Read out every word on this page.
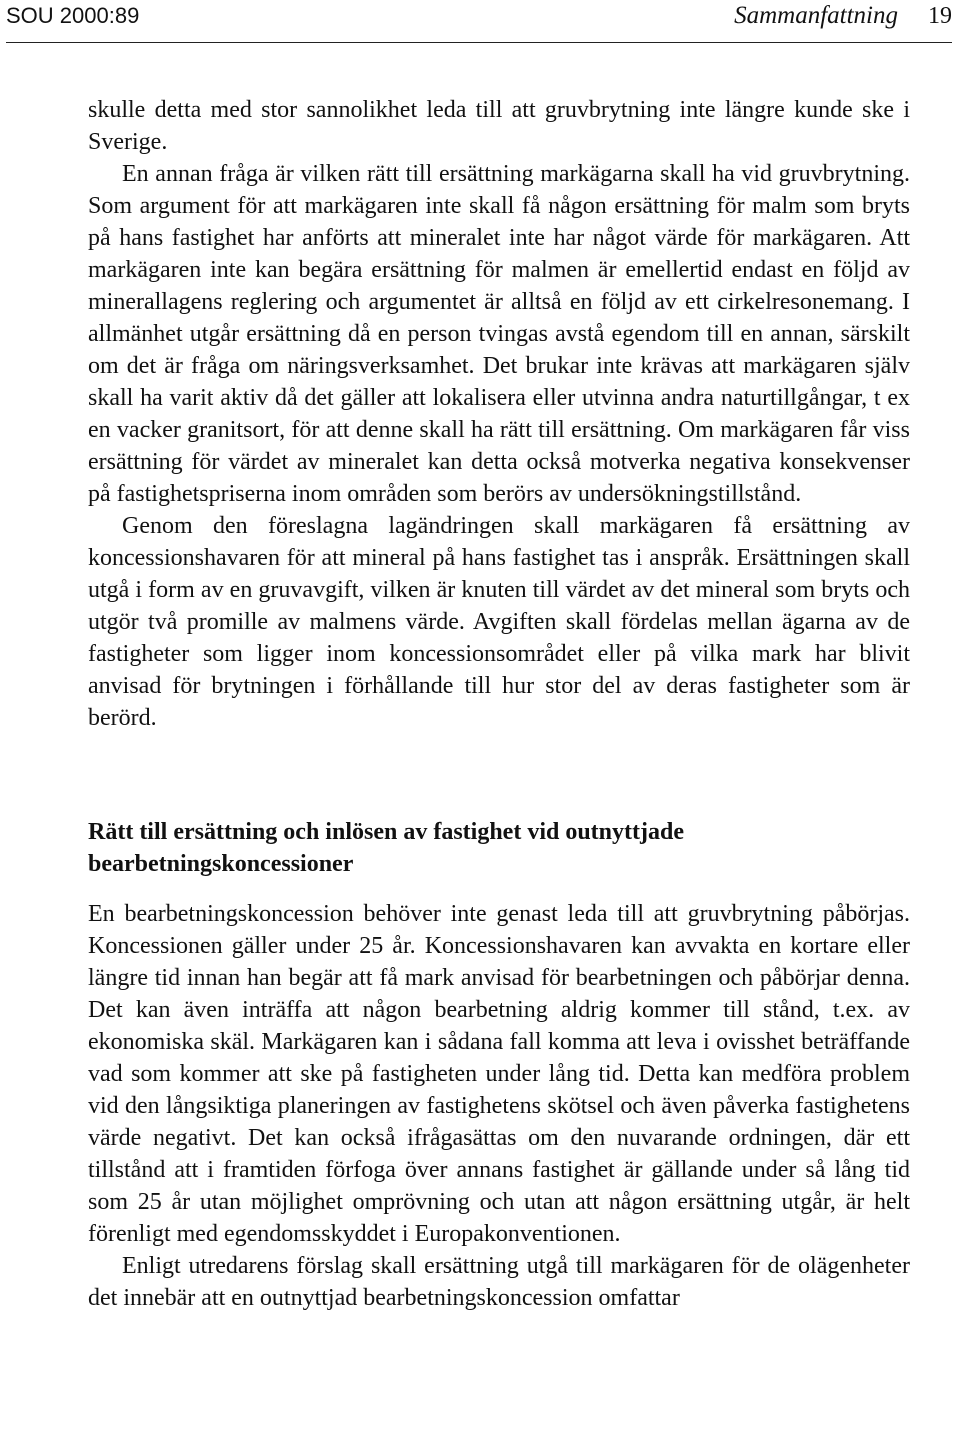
SOU 2000:89	Sammanfattning 19

skulle detta med stor sannolikhet leda till att gruvbrytning inte längre kunde ske i Sverige.

En annan fråga är vilken rätt till ersättning markägarna skall ha vid gruvbrytning. Som argument för att markägaren inte skall få någon ersättning för malm som bryts på hans fastighet har anförts att mineralet inte har något värde för markägaren. Att markägaren inte kan begära ersättning för malmen är emellertid endast en följd av minerallagens reglering och argumentet är alltså en följd av ett cirkelresonemang. I allmänhet utgår ersättning då en person tvingas avstå egendom till en annan, särskilt om det är fråga om näringsverksamhet. Det brukar inte krävas att markägaren själv skall ha varit aktiv då det gäller att lokalisera eller utvinna andra naturtillgångar, t ex en vacker granitsort, för att denne skall ha rätt till ersättning. Om markägaren får viss ersättning för värdet av mineralet kan detta också motverka negativa konsekvenser på fastighetspriserna inom områden som berörs av undersökningstillstånd.

Genom den föreslagna lagändringen skall markägaren få ersättning av koncessionshavaren för att mineral på hans fastighet tas i anspråk. Ersättningen skall utgå i form av en gruvavgift, vilken är knuten till värdet av det mineral som bryts och utgör två promille av malmens värde. Avgiften skall fördelas mellan ägarna av de fastigheter som ligger inom koncessionsområdet eller på vilka mark har blivit anvisad för brytningen i förhållande till hur stor del av deras fastigheter som är berörd.

Rätt till ersättning och inlösen av fastighet vid outnyttjade bearbetningskoncessioner

En bearbetningskoncession behöver inte genast leda till att gruvbrytning påbörjas. Koncessionen gäller under 25 år. Koncessionshavaren kan avvakta en kortare eller längre tid innan han begär att få mark anvisad för bearbetningen och påbörjar denna. Det kan även inträffa att någon bearbetning aldrig kommer till stånd, t.ex. av ekonomiska skäl. Markägaren kan i sådana fall komma att leva i ovisshet beträffande vad som kommer att ske på fastigheten under lång tid. Detta kan medföra problem vid den långsiktiga planeringen av fastighetens skötsel och även påverka fastighetens värde negativt. Det kan också ifrågasättas om den nuvarande ordningen, där ett tillstånd att i framtiden förfoga över annans fastighet är gällande under så lång tid som 25 år utan möjlighet omprövning och utan att någon ersättning utgår, är helt förenligt med egendomsskyddet i Europakonventionen.

Enligt utredarens förslag skall ersättning utgå till markägaren för de olägenheter det innebär att en outnyttjad bearbetningskoncession omfattar
